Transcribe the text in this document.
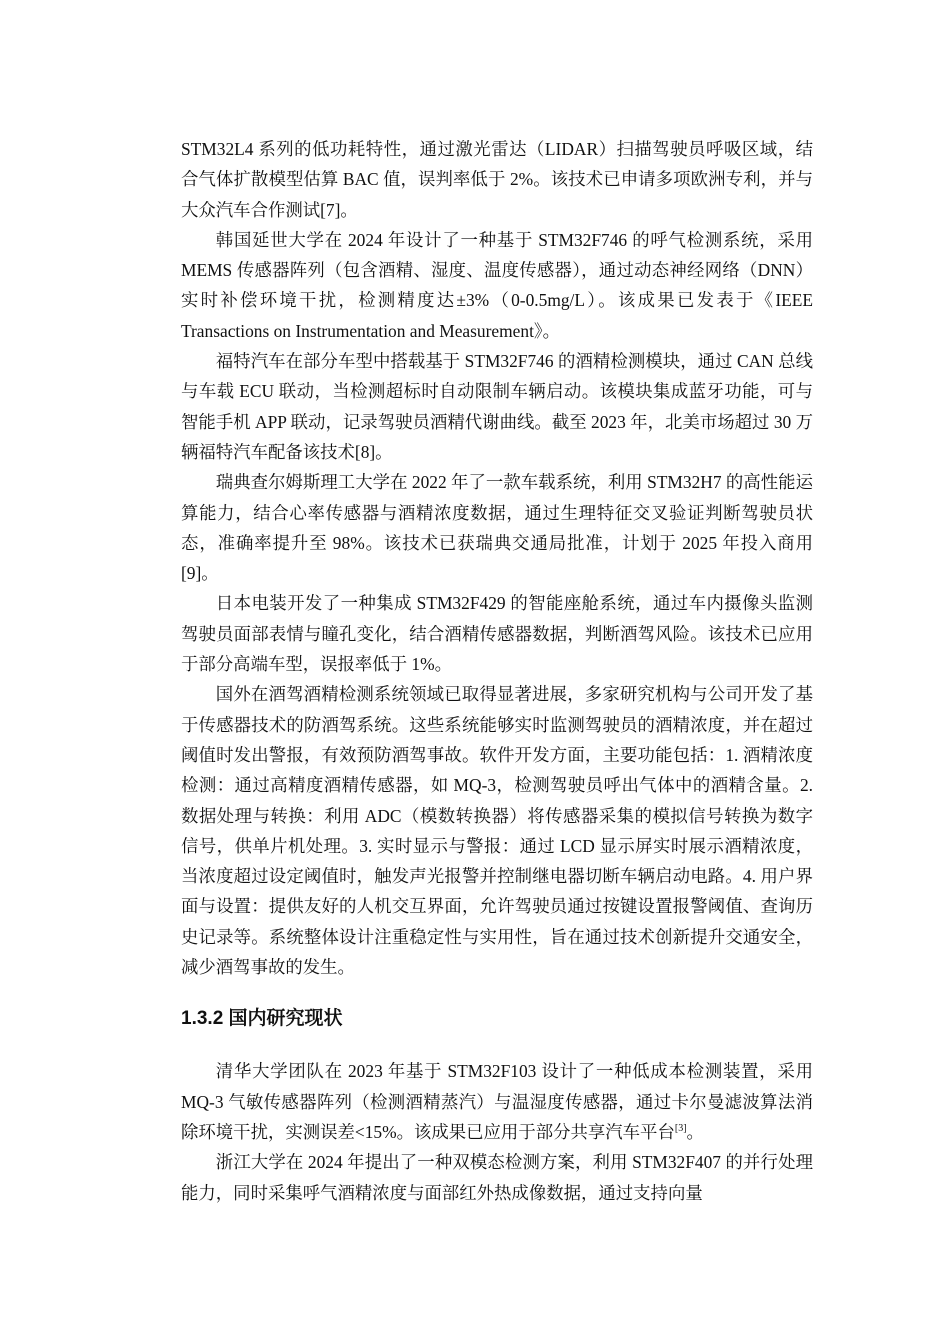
STM32L4 系列的低功耗特性，通过激光雷达（LIDAR）扫描驾驶员呼吸区域，结合气体扩散模型估算 BAC 值，误判率低于 2%。该技术已申请多项欧洲专利，并与大众汽车合作测试[7]。

韩国延世大学在 2024 年设计了一种基于 STM32F746 的呼气检测系统，采用 MEMS 传感器阵列（包含酒精、湿度、温度传感器），通过动态神经网络（DNN）实时补偿环境干扰，检测精度达±3%（0-0.5mg/L）。该成果已发表于《IEEE Transactions on Instrumentation and Measurement》。

福特汽车在部分车型中搭载基于 STM32F746 的酒精检测模块，通过 CAN 总线与车载 ECU 联动，当检测超标时自动限制车辆启动。该模块集成蓝牙功能，可与智能手机 APP 联动，记录驾驶员酒精代谢曲线。截至 2023 年，北美市场超过 30 万辆福特汽车配备该技术[8]。

瑞典查尔姆斯理工大学在 2022 年了一款车载系统，利用 STM32H7 的高性能运算能力，结合心率传感器与酒精浓度数据，通过生理特征交叉验证判断驾驶员状态，准确率提升至 98%。该技术已获瑞典交通局批准，计划于 2025 年投入商用[9]。

日本电装开发了一种集成 STM32F429 的智能座舱系统，通过车内摄像头监测驾驶员面部表情与瞳孔变化，结合酒精传感器数据，判断酒驾风险。该技术已应用于部分高端车型，误报率低于 1%。

国外在酒驾酒精检测系统领域已取得显著进展，多家研究机构与公司开发了基于传感器技术的防酒驾系统。这些系统能够实时监测驾驶员的酒精浓度，并在超过阈值时发出警报，有效预防酒驾事故。软件开发方面，主要功能包括：1. 酒精浓度检测：通过高精度酒精传感器，如 MQ-3，检测驾驶员呼出气体中的酒精含量。2. 数据处理与转换：利用 ADC（模数转换器）将传感器采集的模拟信号转换为数字信号，供单片机处理。3. 实时显示与警报：通过 LCD 显示屏实时展示酒精浓度，当浓度超过设定阈值时，触发声光报警并控制继电器切断车辆启动电路。4. 用户界面与设置：提供友好的人机交互界面，允许驾驶员通过按键设置报警阈值、查询历史记录等。系统整体设计注重稳定性与实用性，旨在通过技术创新提升交通安全，减少酒驾事故的发生。

1.3.2 国内研究现状

清华大学团队在 2023 年基于 STM32F103 设计了一种低成本检测装置，采用 MQ-3 气敏传感器阵列（检测酒精蒸汽）与温湿度传感器，通过卡尔曼滤波算法消除环境干扰，实测误差<15%。该成果已应用于部分共享汽车平台[3]。

浙江大学在 2024 年提出了一种双模态检测方案，利用 STM32F407 的并行处理能力，同时采集呼气酒精浓度与面部红外热成像数据，通过支持向量
